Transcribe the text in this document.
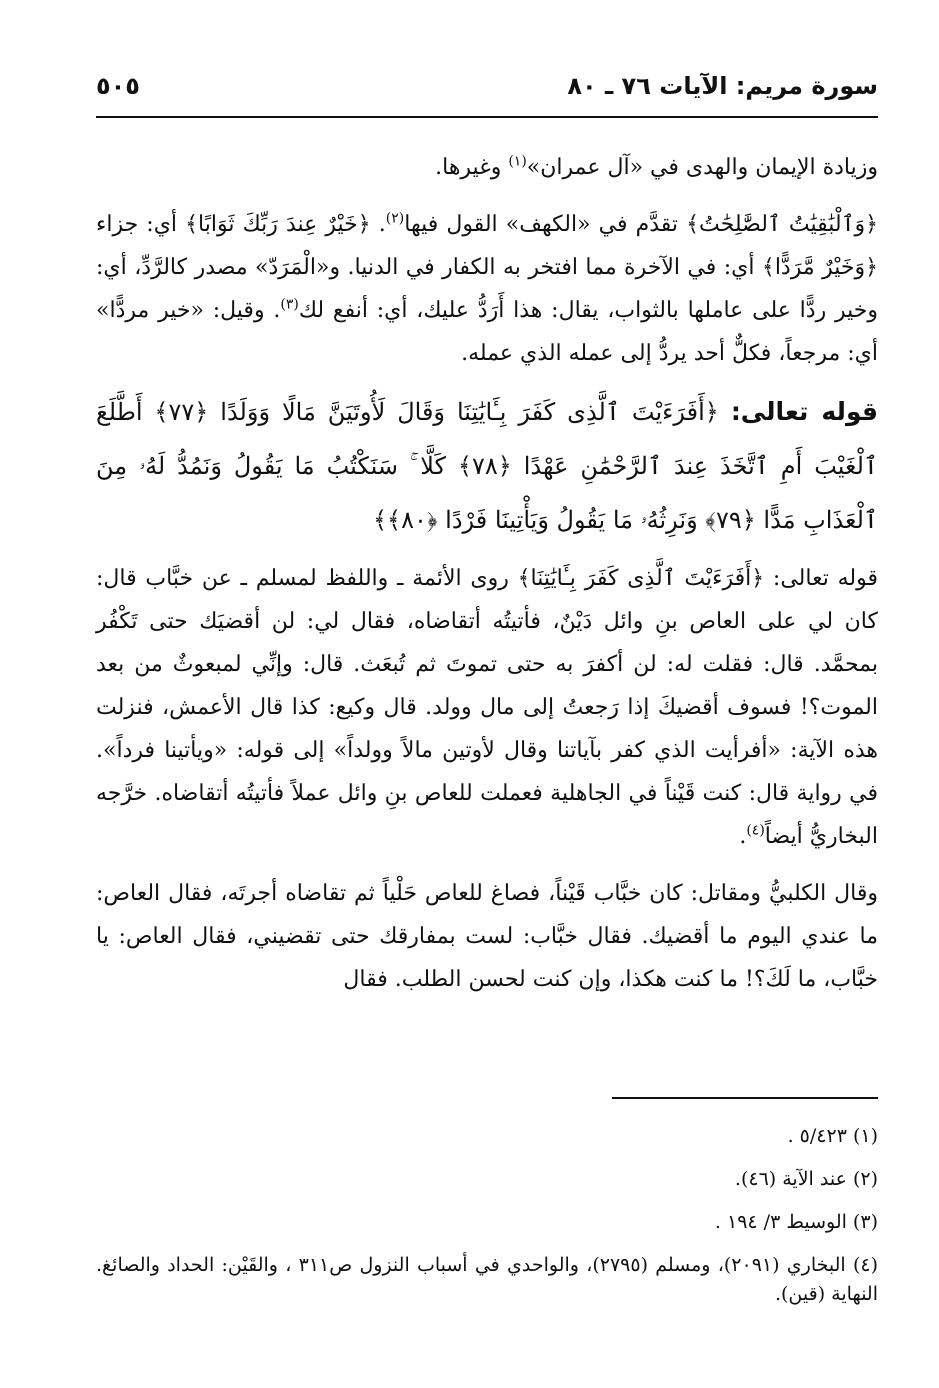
سورة مريم: الآيات ٧٦ ـ ٨٠
٥٠٥

وزيادة الإيمان والهدى في «آل عمران»$^{(١)}$ وغيرها.

﴿وَٱلْبَٰقِيَٰتُ ٱلصَّٰلِحَٰتُ﴾ تقدَّم في «الكهف» القول فيها$^{(٢)}$. ﴿خَيْرٌ عِندَ رَبِّكَ ثَوَابًا﴾ أي: جزاء ﴿وَخَيْرٌ مَّرَدًّا﴾ أي: في الآخرة مما افتخر به الكفار في الدنيا. و«الْمَرَدّ» مصدر كالرَّدِّ، أي: وخير ردًّا على عاملها بالثواب، يقال: هذا أَرَدُّ عليك، أي: أنفع لك$^{(٣)}$. وقيل: «خير مردًّا» أي: مرجعاً، فكلٌّ أحد يردُّ إلى عمله الذي عمله.

قوله تعالى: ﴿أَفَرَءَيْتَ ٱلَّذِى كَفَرَ بِـَٔايَٰتِنَا وَقَالَ لَأُوتَيَنَّ مَالًا وَوَلَدًا ﴿٧٧﴾ أَطَّلَعَ ٱلْغَيْبَ أَمِ ٱتَّخَذَ عِندَ ٱلرَّحْمَٰنِ عَهْدًا ﴿٧٨﴾ كَلَّا ۚ سَنَكْتُبُ مَا يَقُولُ وَنَمُدُّ لَهُۥ مِنَ ٱلْعَذَابِ مَدًّا ﴿٧٩﴾ وَنَرِثُهُۥ مَا يَقُولُ وَيَأْتِينَا فَرْدًا ﴿٨٠﴾﴾

قوله تعالى: ﴿أَفَرَءَيْتَ ٱلَّذِى كَفَرَ بِـَٔايَٰتِنَا﴾ روى الأئمة ـ واللفظ لمسلم ـ عن خبَّاب قال: كان لي على العاص بنِ وائل دَيْنٌ، فأتيتُه أتقاضاه، فقال لي: لن أقضيَك حتى تَكْفُر بمحمَّد. قال: فقلت له: لن أكفرَ به حتى تموتَ ثم تُبعَث. قال: وإنِّي لمبعوثٌ من بعد الموت؟! فسوف أقضيكَ إذا رَجعتُ إلى مال وولد. قال وكيع: كذا قال الأعمش، فنزلت هذه الآية: «أفرأيت الذي كفر بآياتنا وقال لأوتين مالاً وولداً» إلى قوله: «ويأتينا فرداً». في رواية قال: كنت قَيْناً في الجاهلية فعملت للعاص بنِ وائل عملاً فأتيتُه أتقاضاه. خرَّجه البخاريُّ أيضاً$^{(٤)}$.

وقال الكلبيُّ ومقاتل: كان خبَّاب قَيْناً، فصاغ للعاص حَلْياً ثم تقاضاه أجرتَه، فقال العاص: ما عندي اليوم ما أقضيك. فقال خبَّاب: لست بمفارقك حتى تقضيني، فقال العاص: يا خبَّاب، ما لَكَ؟! ما كنت هكذا، وإن كنت لحسن الطلب. فقال

(١) ٥/٤٢٣ .

(٢) عند الآية (٤٦).

(٣) الوسيط ٣/ ١٩٤ .

(٤) البخاري (٢٠٩١)، ومسلم (٢٧٩٥)، والواحدي في أسباب النزول ص٣١١ ، والقَيْن: الحداد والصائغ. النهاية (قين).
